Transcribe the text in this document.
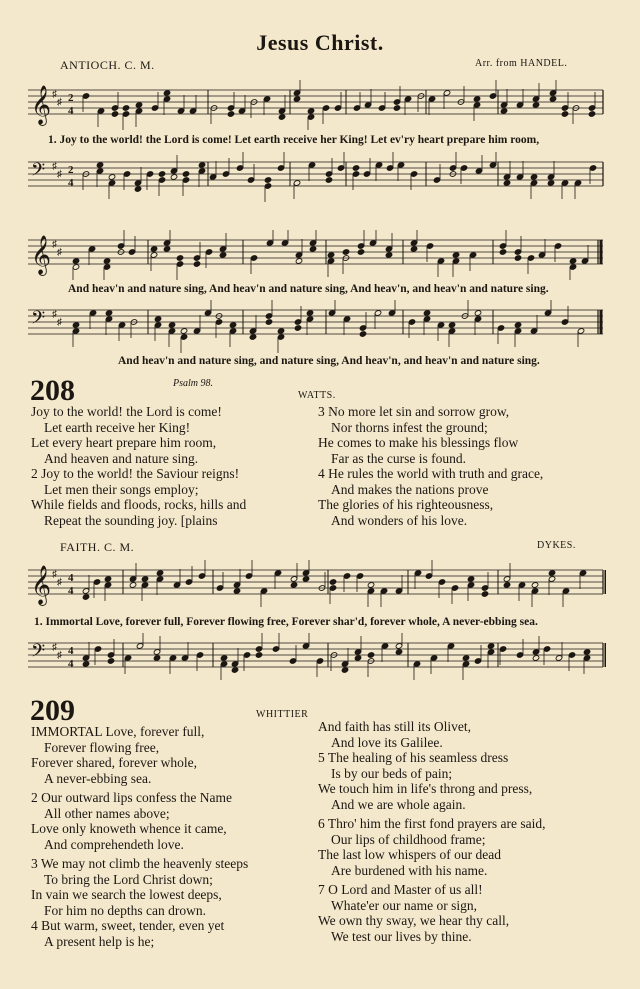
Jesus Christ.
ANTIOCH. C. M.	Arr. from HANDEL.
𝄞 ♯
♯ 2
4
1. Joy to the world! the Lord is come! Let earth receive her King! Let ev'ry heart prepare him room,
𝄢 ♯
♯ 2
4
𝄞 ♯
♯
And heav'n and nature sing, And heav'n and nature sing, And heav'n, and heav'n and nature sing.
𝄢 ♯
♯
And heav'n and nature sing, and nature sing, And heav'n, and heav'n and nature sing.
208	Psalm 98.
WATTS.
Joy to the world! the Lord is come!
Let earth receive her King!
Let every heart prepare him room,
And heaven and nature sing.
2 Joy to the world! the Saviour reigns!
Let men their songs employ;
While fields and floods, rocks, hills and
Repeat the sounding joy. [plains
3 No more let sin and sorrow grow,
Nor thorns infest the ground;
He comes to make his blessings flow
Far as the curse is found.
4 He rules the world with truth and grace,
And makes the nations prove
The glories of his righteousness,
And wonders of his love.
FAITH. C. M.	DYKES.
𝄞 ♯
♯ 4
4
1. Immortal Love, forever full, Forever flowing free, Forever shar'd, forever whole, A never-ebbing sea.
𝄢 ♯
♯ 4
4
209	WHITTIER
IMMORTAL Love, forever full,
Forever flowing free,
Forever shared, forever whole,
A never-ebbing sea.
2 Our outward lips confess the Name
All other names above;
Love only knoweth whence it came,
And comprehendeth love.
3 We may not climb the heavenly steeps
To bring the Lord Christ down;
In vain we search the lowest deeps,
For him no depths can drown.
4 But warm, sweet, tender, even yet
A present help is he;
And faith has still its Olivet,
And love its Galilee.
5 The healing of his seamless dress
Is by our beds of pain;
We touch him in life's throng and press,
And we are whole again.
6 Thro' him the first fond prayers are said,
Our lips of childhood frame;
The last low whispers of our dead
Are burdened with his name.
7 O Lord and Master of us all!
Whate'er our name or sign,
We own thy sway, we hear thy call,
We test our lives by thine.
